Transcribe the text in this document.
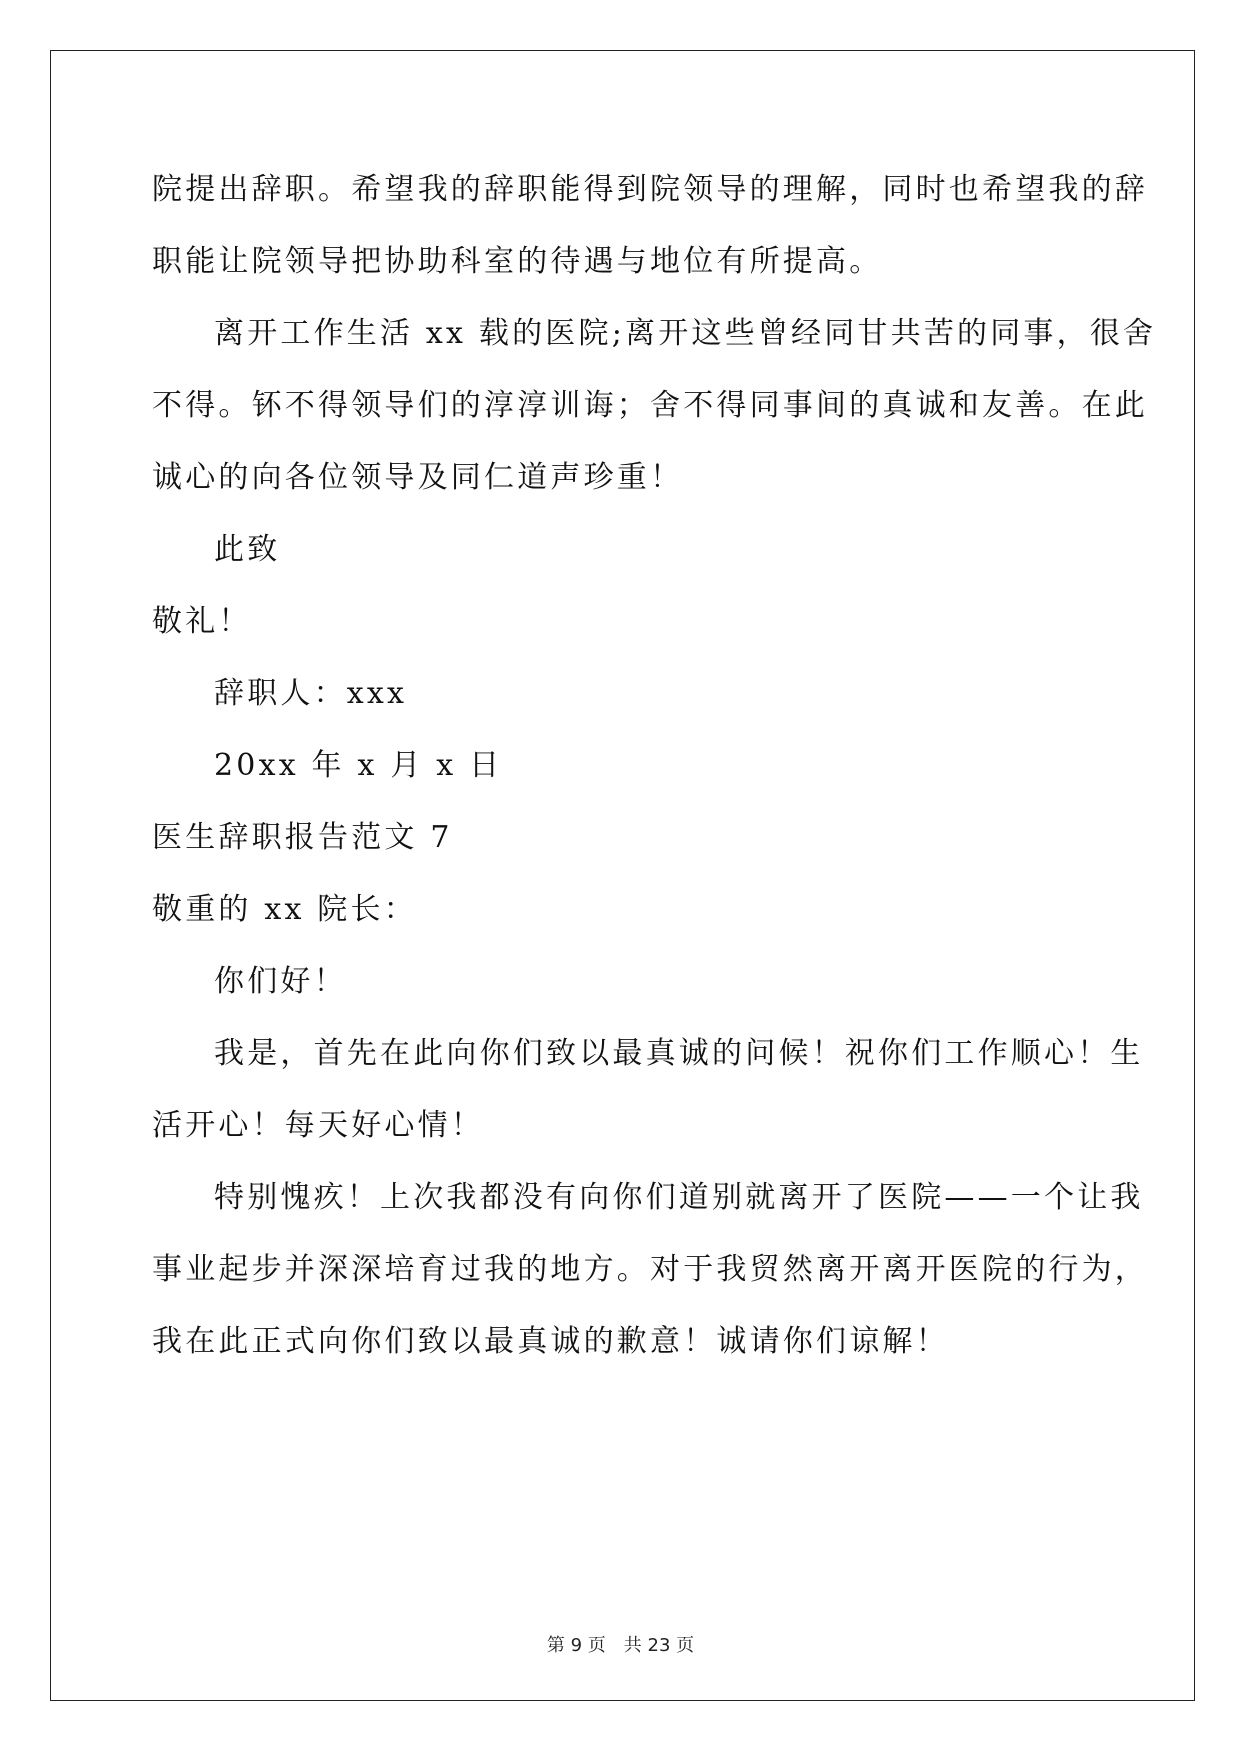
院提出辞职。希望我的辞职能得到院领导的理解，同时也希望我的辞
职能让院领导把协助科室的待遇与地位有所提高。
离开工作生活 xx 载的医院;离开这些曾经同甘共苦的同事，很舍
不得。钚不得领导们的淳淳训诲；舍不得同事间的真诚和友善。在此
诚心的向各位领导及同仁道声珍重！
此致
敬礼！
辞职人：xxx
20xx 年 x 月 x 日
医生辞职报告范文 7
敬重的 xx 院长：
你们好！
我是，首先在此向你们致以最真诚的问候！祝你们工作顺心！生
活开心！每天好心情！
特别愧疚！上次我都没有向你们道别就离开了医院——一个让我
事业起步并深深培育过我的地方。对于我贸然离开离开医院的行为，
我在此正式向你们致以最真诚的歉意！诚请你们谅解！
第 9 页　共 23 页
